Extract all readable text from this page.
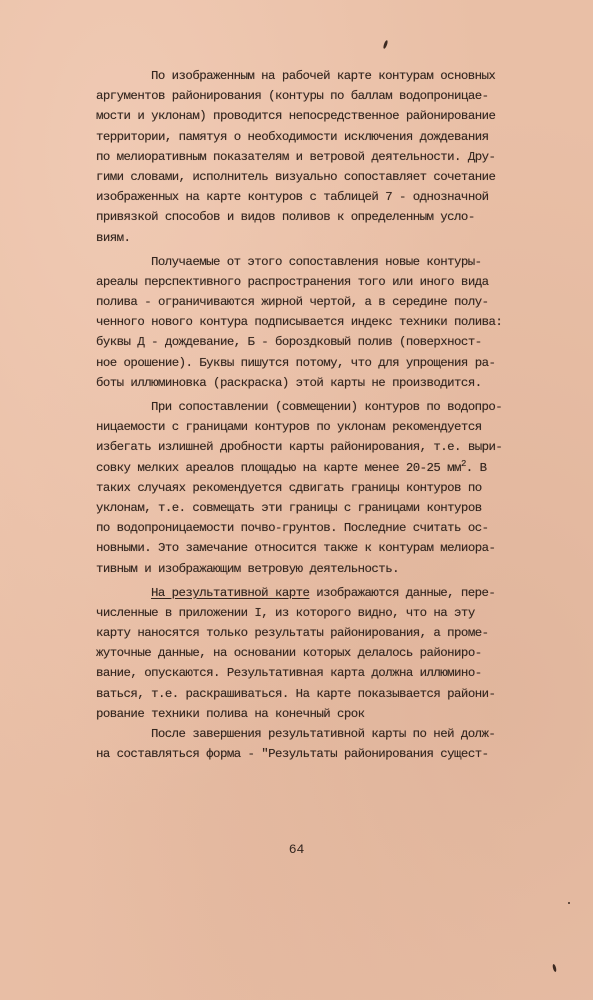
По изображенным на рабочей карте контурам основных
аргументов районирования (контуры по баллам водопроницае-
мости и уклонам) проводится непосредственное районирование
территории, памятуя о необходимости исключения дождевания
по мелиоративным показателям и ветровой деятельности. Дру-
гими словами, исполнитель визуально сопоставляет сочетание
изображенных на карте контуров с таблицей 7 - однозначной
привязкой способов и видов поливов к определенным усло-
виям.
Получаемые от этого сопоставления новые контуры-
ареалы перспективного распространения того или иного вида
полива - ограничиваются жирной чертой, а в середине полу-
ченного нового контура подписывается индекс техники полива:
буквы Д - дождевание, Б - бороздковый полив (поверхност-
ное орошение). Буквы пишутся потому, что для упрощения ра-
боты иллюминовка (раскраска) этой карты не производится.
При сопоставлении (совмещении) контуров по водопро-
ницаемости с границами контуров по уклонам рекомендуется
избегать излишней дробности карты районирования, т.е. выри-
совку мелких ареалов площадью на карте менее 20-25 $мм^2$. В
таких случаях рекомендуется сдвигать границы контуров по
уклонам, т.е. совмещать эти границы с границами контуров
по водопроницаемости почво-грунтов. Последние считать ос-
новными. Это замечание относится также к контурам мелиора-
тивным и изображающим ветровую деятельность.
На результативной карте изображаются данные, пере-
численные в приложении I, из которого видно, что на эту
карту наносятся только результаты районирования, а проме-
жуточные данные, на основании которых делалось райониро-
вание, опускаются. Результативная карта должна иллюмино-
ваться, т.е. раскрашиваться. На карте показывается райони-
рование техники полива на конечный срок
После завершения результативной карты по ней долж-
на составляться форма - "Результаты районирования сущест-
64
